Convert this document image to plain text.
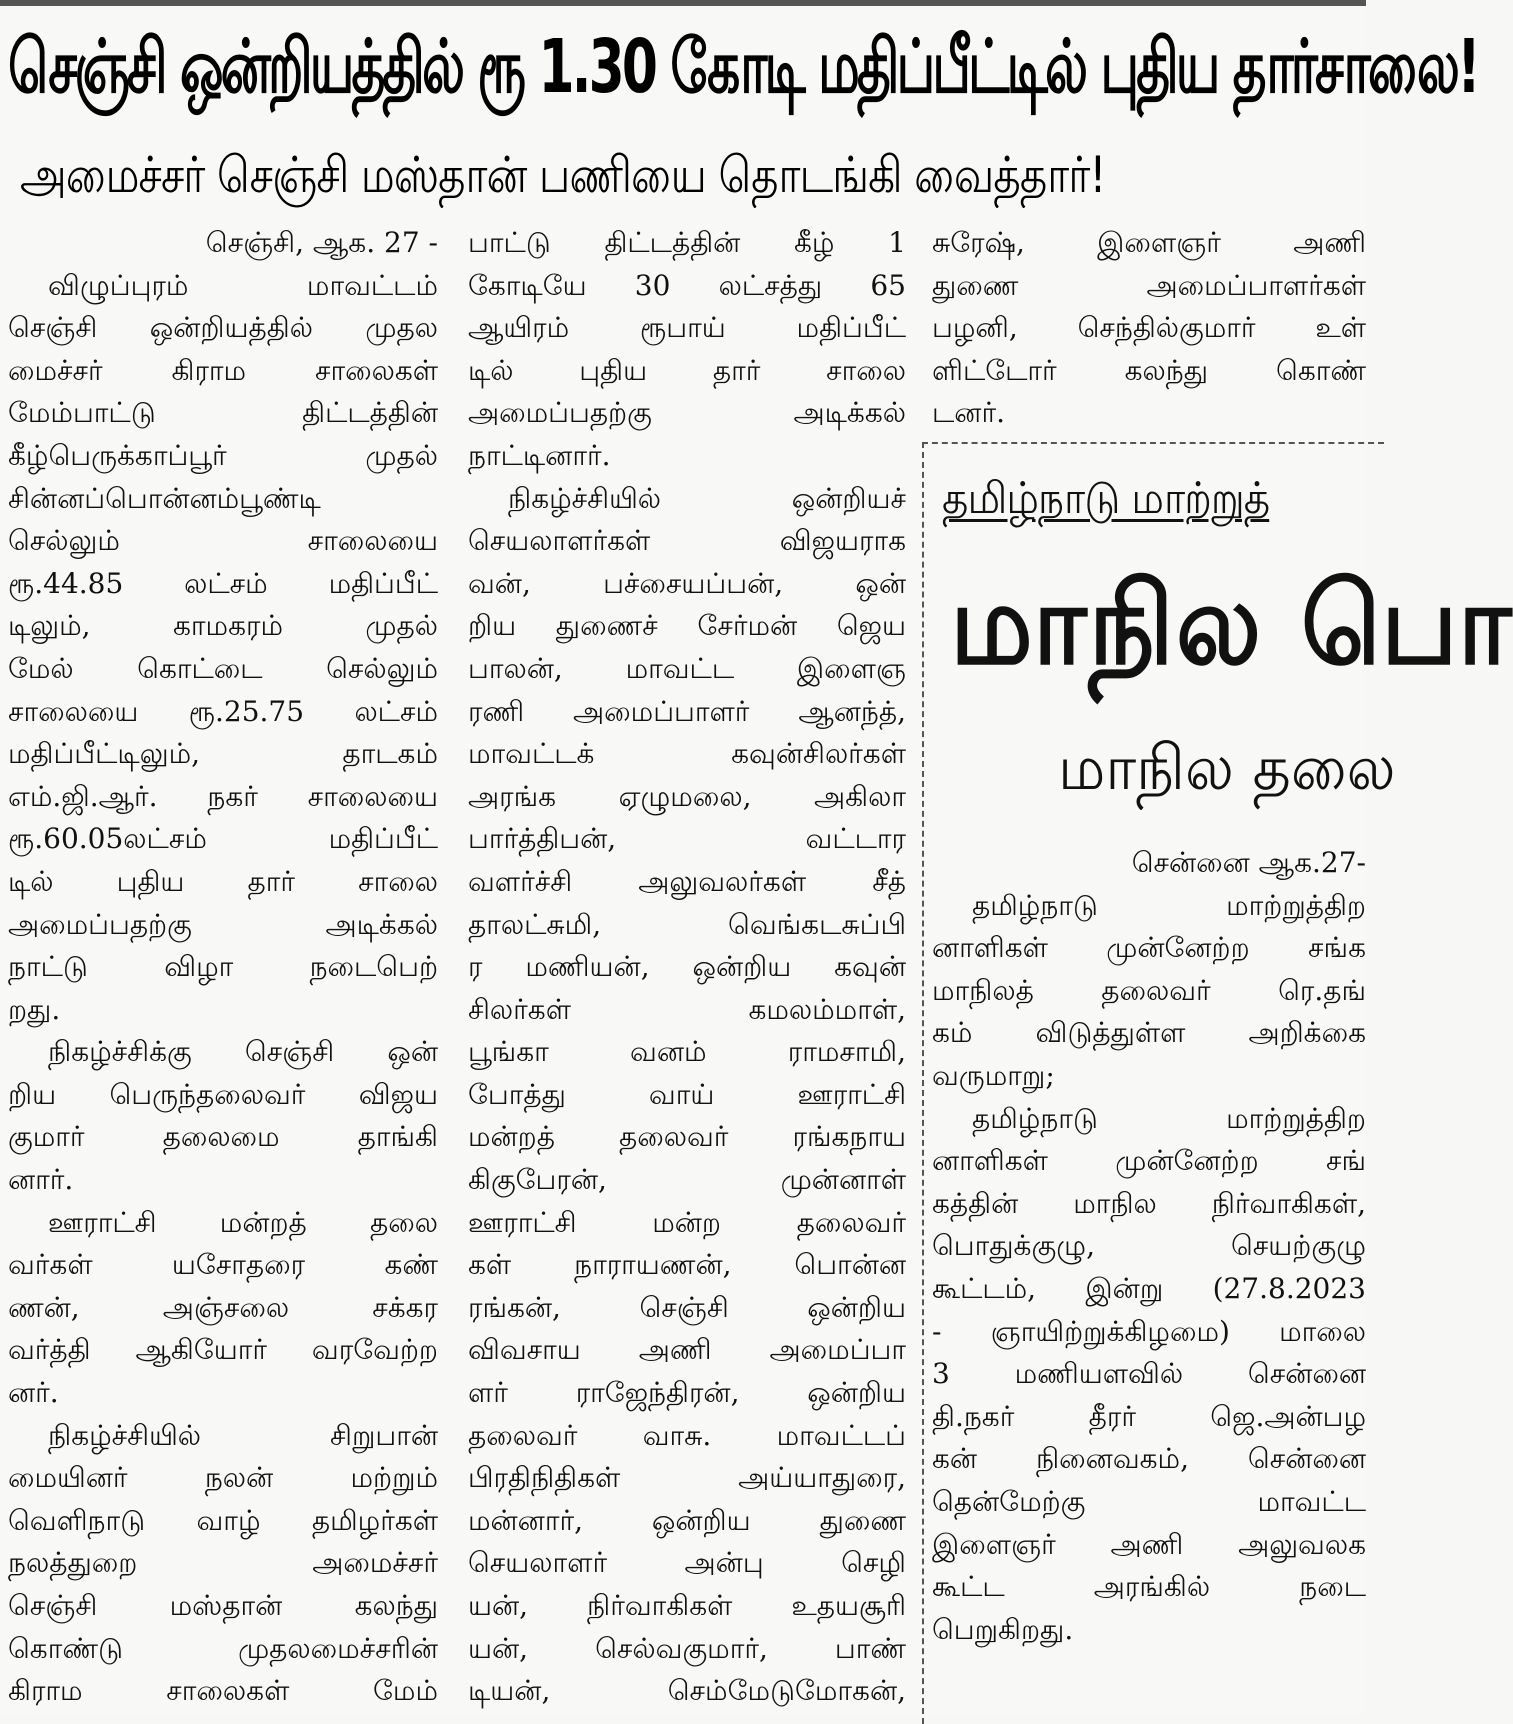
செஞ்சி ஒன்றியத்தில் ரூ 1.30 கோடி மதிப்பீட்டில் புதிய தார்சாலை!
அமைச்சர் செஞ்சி மஸ்தான் பணியை தொடங்கி வைத்தார்!
செஞ்சி, ஆக. 27 -
விழுப்புரம் மாவட்டம்
செஞ்சி ஒன்றியத்தில் முதல
மைச்சர் கிராம சாலைகள்
மேம்பாட்டு திட்டத்தின்
கீழ்பெருக்காப்பூர் முதல்
சின்னப்பொன்னம்பூண்டி
செல்லும் சாலையை
ரூ.44.85 லட்சம் மதிப்பீட்
டிலும், காமகரம் முதல்
மேல் கொட்டை செல்லும்
சாலையை ரூ.25.75 லட்சம்
மதிப்பீட்டிலும், தாடகம்
எம்.ஜி.ஆர். நகர் சாலையை
ரூ.60.05லட்சம் மதிப்பீட்
டில் புதிய தார் சாலை
அமைப்பதற்கு அடிக்கல்
நாட்டு விழா நடைபெற்
றது.
நிகழ்ச்சிக்கு செஞ்சி ஒன்
றிய பெருந்தலைவர் விஜய
குமார் தலைமை தாங்கி
னார்.
ஊராட்சி மன்றத் தலை
வர்கள் யசோதரை கண்
ணன், அஞ்சலை சக்கர
வர்த்தி ஆகியோர் வரவேற்ற
னர்.
நிகழ்ச்சியில் சிறுபான்
மையினர் நலன் மற்றும்
வெளிநாடு வாழ் தமிழர்கள்
நலத்துறை அமைச்சர்
செஞ்சி மஸ்தான் கலந்து
கொண்டு முதலமைச்சரின்
கிராம சாலைகள் மேம்
பாட்டு திட்டத்தின் கீழ் 1
கோடியே 30 லட்சத்து 65
ஆயிரம் ரூபாய் மதிப்பீட்
டில் புதிய தார் சாலை
அமைப்பதற்கு அடிக்கல்
நாட்டினார்.
நிகழ்ச்சியில் ஒன்றியச்
செயலாளர்கள் விஜயராக
வன், பச்சையப்பன், ஒன்
றிய துணைச் சேர்மன் ஜெய
பாலன், மாவட்ட இளைஞ
ரணி அமைப்பாளர் ஆனந்த்,
மாவட்டக் கவுன்சிலர்கள்
அரங்க ஏழுமலை, அகிலா
பார்த்திபன், வட்டார
வளர்ச்சி அலுவலர்கள் சீத்
தாலட்சுமி, வெங்கடசுப்பி
ர மணியன், ஒன்றிய கவுன்
சிலர்கள் கமலம்மாள்,
பூங்கா வனம் ராமசாமி,
போத்து வாய் ஊராட்சி
மன்றத் தலைவர் ரங்கநாய
கிகுபேரன், முன்னாள்
ஊராட்சி மன்ற தலைவர்
கள் நாராயணன், பொன்ன
ரங்கன், செஞ்சி ஒன்றிய
விவசாய அணி அமைப்பா
ளர் ராஜேந்திரன், ஒன்றிய
தலைவர் வாசு. மாவட்டப்
பிரதிநிதிகள் அய்யாதுரை,
மன்னார், ஒன்றிய துணை
செயலாளர் அன்பு செழி
யன், நிர்வாகிகள் உதயசூரி
யன், செல்வகுமார், பாண்
டியன், செம்மேடுமோகன்,
சுரேஷ், இளைஞர் அணி
துணை அமைப்பாளர்கள்
பழனி, செந்தில்குமார் உள்
ளிட்டோர் கலந்து கொண்
டனர்.
தமிழ்நாடு மாற்றுத்
மாநில பொ
மாநில தலை
சென்னை ஆக.27-
தமிழ்நாடு மாற்றுத்திற
னாளிகள் முன்னேற்ற சங்க
மாநிலத் தலைவர் ரெ.தங்
கம் விடுத்துள்ள அறிக்கை
வருமாறு;
தமிழ்நாடு மாற்றுத்திற
னாளிகள் முன்னேற்ற சங்
கத்தின் மாநில நிர்வாகிகள்,
பொதுக்குழு, செயற்குழு
கூட்டம், இன்று (27.8.2023
- ஞாயிற்றுக்கிழமை) மாலை
3 மணியளவில் சென்னை
தி.நகர் தீரர் ஜெ.அன்பழ
கன் நினைவகம், சென்னை
தென்மேற்கு மாவட்ட
இளைஞர் அணி அலுவலக
கூட்ட அரங்கில் நடை
பெறுகிறது.
